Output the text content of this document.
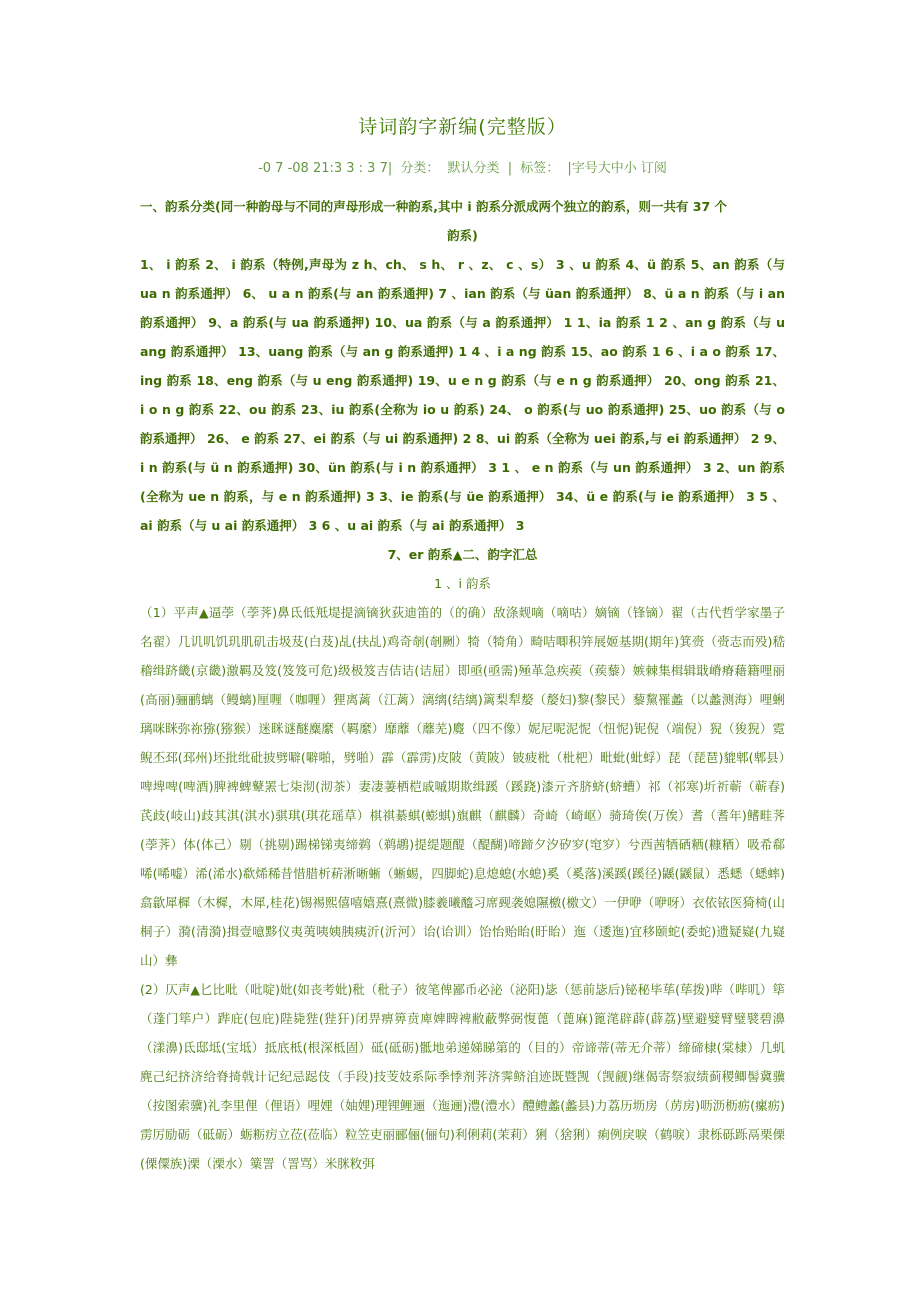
诗词韵字新编(完整版）
-0 7 -08 21:3 3 : 3 7| 分类： 默认分类 | 标签： |字号大中小 订阅
一、韵系分类(同一种韵母与不同的声母形成一种韵系,其中 i 韵系分派成两个独立的韵系，则一共有 37 个
韵系)
1、 i 韵系 2、 i 韵系（特例,声母为 z h、ch、 s h、 r 、z、 c 、s） 3 、u 韵系 4、ü 韵系 5、an 韵系（与 ua n 韵系通押） 6、 u a n 韵系(与 an 韵系通押) 7 、ian 韵系（与 üan 韵系通押） 8、ü a n 韵系（与 i an 韵系通押） 9、a 韵系(与 ua 韵系通押) 10、ua 韵系（与 a 韵系通押） 1 1、ia 韵系 1 2 、an g 韵系（与 u ang 韵系通押） 13、uang 韵系（与 an g 韵系通押) 1 4 、i a ng 韵系 15、ao 韵系 1 6 、i a o 韵系 17、ing 韵系 18、eng 韵系（与 u eng 韵系通押) 19、u e n g 韵系（与 e n g 韵系通押） 20、ong 韵系 21、 i o n g 韵系 22、ou 韵系 23、iu 韵系(全称为 io u 韵系) 24、 o 韵系(与 uo 韵系通押) 25、uo 韵系（与 o 韵系通押） 26、 e 韵系 27、ei 韵系（与 ui 韵系通押) 2 8、ui 韵系（全称为 uei 韵系,与 ei 韵系通押） 2 9、i n 韵系(与 ü n 韵系通押) 30、ün 韵系(与 i n 韵系通押） 3 1 、 e n 韵系（与 un 韵系通押） 3 2、un 韵系(全称为 ue n 韵系，与 e n 韵系通押) 3 3、ie 韵系(与 üe 韵系通押） 34、ü e 韵系(与 ie 韵系通押） 3 5 、ai 韵系（与 u ai 韵系通押） 3 6 、u ai 韵系（与 ai 韵系通押） 3
7、er 韵系▲二、韵字汇总
1 、i 韵系
（1）平声▲逼荸（荸荠)鼻氐低羝堤提滴镝狄荻迪笛的（的确）敌涤觌嘀（嘀咕）嫡镝（锋镝）翟（古代哲学家墨子名翟）几讥叽饥玑肌矶击圾芨(白芨)乩(扶乩)鸡奇剞(剞劂）犄（犄角）畸咭唧积笄展姬基期(期年)箕赍（赍志而殁)嵇稽缉跻畿(京畿)激羁及笈(笈笈可危)级极笈吉佶诘(诘屈）即亟(亟需)殛革急疾蒺（蒺藜）嫉棘集楫辑戢嵴瘠藉籍哩丽(高丽)骊鹂螭（鳗螭)厘喱（咖喱）狸离蓠（江蓠）漓缡(结缡)篱梨犁嫠（嫠妇)黎(黎民）藜黧罹蠡（以蠡测海）哩蜊璃咪眯弥祢猕(猕猴）迷眯谜醚麋縻（羁縻）靡蘼（蘼芜)麑（四不像）妮尼呢泥怩（忸怩)铌倪（端倪）猊（狻猊）霓鲵丕邳(邳州)坯批纰砒披劈噼(噼啪，劈啪）霹（霹雳)皮陂（黄陂）铍疲枇（枇杷）毗蚍(蚍蜉）琵（琵琶)貔郫(郫县）啤埤啤(啤酒)脾裨蜱鼙罴七柒沏(沏茶）妻凄萋栖桤戚嘁期欺缉蹊（蹊跷)漆亓齐脐蛴(蛴螬）祁（祁寒)圻祈蕲（蕲春)芪歧(岐山)歧其淇(淇水)骐琪(琪花瑶草）棋祺綦蜞(蟛蜞)旗麒（麒麟）奇崎（崎岖）骑琦俟(万俟）耆（耆年)鳍畦荠(荸荠）体(体己）剔（挑剔)踢梯锑夷缔鹈（鹈鹕)提缇题醍（醍醐)啼蹄夕汐矽穸(窀穸）兮西茜牺硒粞(糠粞）吸希郗唏(唏嘘）浠(浠水)欷烯稀昔惜腊析菥淅晰蜥（蜥蜴，四脚蛇)息熄螅(水螅)奚（奚落)溪蹊(蹊径)鼷(鼷鼠）悉蟋（蟋蟀)翕歙犀樨（木樨，木犀,桂花)锡裼熙僖嘻嬉熹(熹微)膝羲曦醯习席觋袭媳隰檄(檄文）一伊咿（咿呀）衣依铱医猗椅(山桐子）漪(清漪)揖壹噫黟仪夷荑咦姨胰痍沂(沂河）诒(诒训）饴怡贻眙(盱眙）迤（逶迤)宜移颐蛇(委蛇)遗疑嶷(九嶷山）彝
(2）仄声▲匕比吡（吡啶)妣(如丧考妣)秕（秕子）彼笔俾鄙币必泌（泌阳)毖（惩前毖后)铋秘毕荜(荜拨)哔（哔叽）筚（蓬门筚户）跸庇(包庇)陛毙狴(狴犴)闭畀痹箅贲庳婢睥裨敝蔽弊弼愎蓖（蓖麻)篦滗辟薜(薜荔)壁避嬖臂璧襞碧濞（漾濞)氐邸坻(宝坻）抵底柢(根深柢固）砥(砥砺)骶地弟递娣睇第的（目的）帝谛蒂(蒂无介蒂）缔碲棣(棠棣）几虮麂己纪挤济给脊掎戟计记纪忌跽伎（手段)技芰妓系际季悸剂荠济霁鲚洎迹既暨觊（觊觎)继偈寄祭寂绩蓟稷鲫髻冀骥（按图索骥)礼李里俚（俚语）哩娌（妯娌)理锂鲤逦（迤逦)澧(澧水）醴鳢蠡(蠡县)力荔历坜房（苈房)呖沥枥疬(瘰疬)雳厉励砺（砥砺）蛎粝疠立莅(莅临）粒笠吏丽郦俪(俪句)利俐莉(茉莉）猁（猞猁）痢例戾唳（鹤唳）隶栎砾跞鬲栗傈(傈僳族)溧（溧水）篥詈（詈骂）米脒敉弭
